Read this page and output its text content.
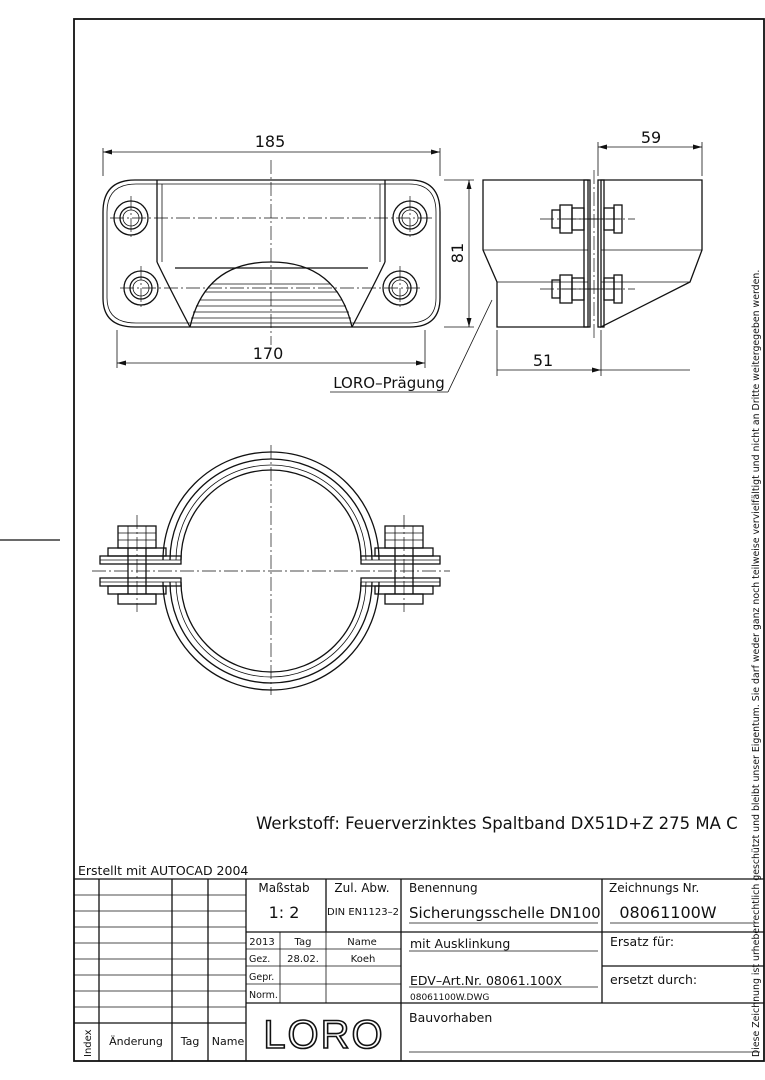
185
170
81
59
51
LORO–Prägung
Werkstoff: Feuerverzinktes Spaltband DX51D+Z 275 MA C Diese Zeichnung ist urheberrechtlich geschützt und bleibt unser Eigentum. Sie darf weder ganz noch teilweise vervielfältigt und nicht an Dritte weitergegeben werden.
Erstellt mit AUTOCAD 2004
Index Änderung Tag Name
Maßstab
1: 2
Zul. Abw.
DIN EN1123–2
2013 Tag	Name
Gez. 28.02.	Koeh
Gepr.
Norm.
LORO
Benennung
Sicherungsschelle DN100
mit Ausklinkung
EDV–Art.Nr. 08061.100X
08061100W.DWG
Bauvorhaben
Zeichnungs Nr.
08061100W
Ersatz für:
ersetzt durch:
